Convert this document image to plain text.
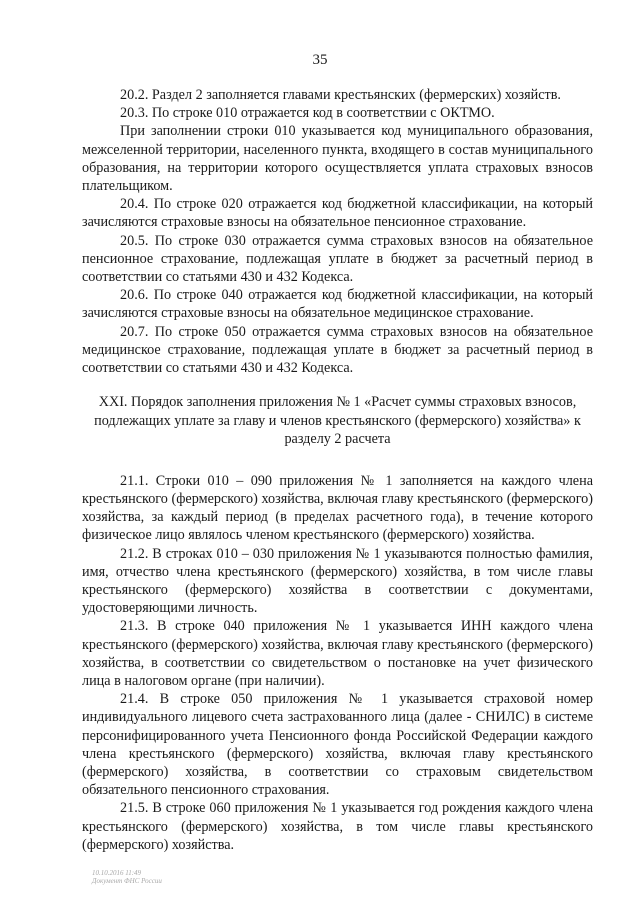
35

20.2. Раздел 2 заполняется главами крестьянских (фермерских) хозяйств.

20.3. По строке 010 отражается код в соответствии с ОКТМО.

При заполнении строки 010 указывается код муниципального образования, межселенной территории, населенного пункта, входящего в состав муниципального образования, на территории которого осуществляется уплата страховых взносов плательщиком.

20.4. По строке 020 отражается код бюджетной классификации, на который зачисляются страховые взносы на обязательное пенсионное страхование.

20.5. По строке 030 отражается сумма страховых взносов на обязательное пенсионное страхование, подлежащая уплате в бюджет за расчетный период в соответствии со статьями 430 и 432 Кодекса.

20.6. По строке 040 отражается код бюджетной классификации, на который зачисляются страховые взносы на обязательное медицинское страхование.

20.7. По строке 050 отражается сумма страховых взносов на обязательное медицинское страхование, подлежащая уплате в бюджет за расчетный период в соответствии со статьями 430 и 432 Кодекса.

XXI. Порядок заполнения приложения № 1 «Расчет суммы страховых взносов, подлежащих уплате за главу и членов крестьянского (фермерского) хозяйства» к разделу 2 расчета

21.1. Строки 010 – 090 приложения № 1 заполняется на каждого члена крестьянского (фермерского) хозяйства, включая главу крестьянского (фермерского) хозяйства, за каждый период (в пределах расчетного года), в течение которого физическое лицо являлось членом крестьянского (фермерского) хозяйства.

21.2. В строках 010 – 030 приложения № 1 указываются полностью фамилия, имя, отчество члена крестьянского (фермерского) хозяйства, в том числе главы крестьянского (фермерского) хозяйства в соответствии с документами, удостоверяющими личность.

21.3. В строке 040 приложения № 1 указывается ИНН каждого члена крестьянского (фермерского) хозяйства, включая главу крестьянского (фермерского) хозяйства, в соответствии со свидетельством о постановке на учет физического лица в налоговом органе (при наличии).

21.4. В строке 050 приложения № 1 указывается страховой номер индивидуального лицевого счета застрахованного лица (далее - СНИЛС) в системе персонифицированного учета Пенсионного фонда Российской Федерации каждого члена крестьянского (фермерского) хозяйства, включая главу крестьянского (фермерского) хозяйства, в соответствии со страховым свидетельством обязательного пенсионного страхования.

21.5. В строке 060 приложения № 1 указывается год рождения каждого члена крестьянского (фермерского) хозяйства, в том числе главы крестьянского (фермерского) хозяйства.

10.10.2016 11:49
Документ ФНС России
